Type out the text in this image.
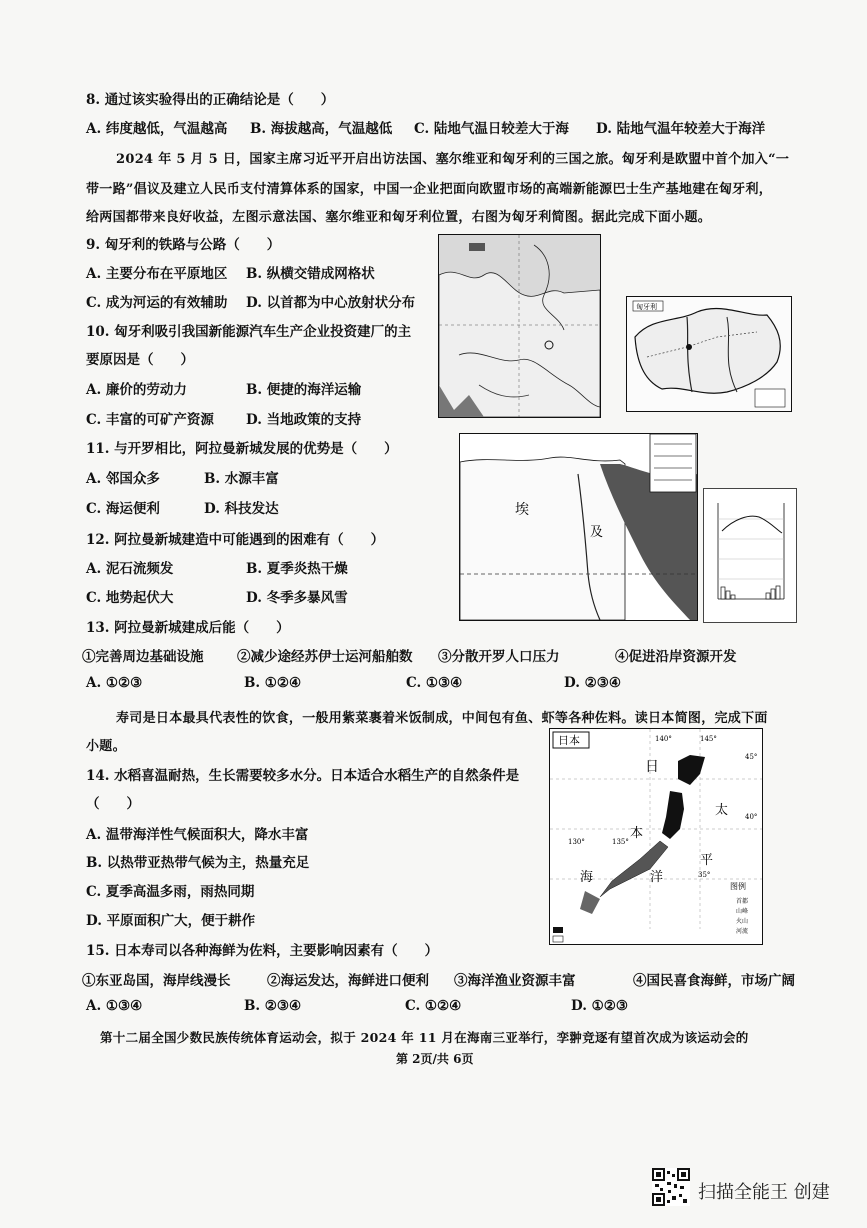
8. 通过该实验得出的正确结论是（　　）
A. 纬度越低，气温越高 B. 海拔越高，气温越低 C. 陆地气温日较差大于海 D. 陆地气温年较差大于海洋
2024 年 5 月 5 日，国家主席习近平开启出访法国、塞尔维亚和匈牙利的三国之旅。匈牙利是欧盟中首个加入“一
带一路”倡议及建立人民币支付清算体系的国家，中国一企业把面向欧盟市场的高端新能源巴士生产基地建在匈牙利，
给两国都带来良好收益，左图示意法国、塞尔维亚和匈牙利位置，右图为匈牙利简图。据此完成下面小题。
9. 匈牙利的铁路与公路（　　）
A. 主要分布在平原地区 B. 纵横交错成网格状
C. 成为河运的有效辅助 D. 以首都为中心放射状分布
10. 匈牙利吸引我国新能源汽车生产企业投资建厂的主
要原因是（　　）
A. 廉价的劳动力	B. 便捷的海洋运输
C. 丰富的可矿产资源 D. 当地政策的支持
11. 与开罗相比，阿拉曼新城发展的优势是（　　）
A. 邻国众多	B. 水源丰富
C. 海运便利	D. 科技发达
12. 阿拉曼新城建造中可能遇到的困难有（　　）
A. 泥石流频发	B. 夏季炎热干燥
C. 地势起伏大	D. 冬季多暴风雪
13. 阿拉曼新城建成后能（　　）
①完善周边基础设施 ②减少途经苏伊士运河船舶数 ③分散开罗人口压力	④促进沿岸资源开发
A. ①②③	B. ①②④	C. ①③④	D. ②③④
寿司是日本最具代表性的饮食，一般用紫菜裹着米饭制成，中间包有鱼、虾等各种佐料。读日本简图，完成下面
小题。
14. 水稻喜温耐热，生长需要较多水分。日本适合水稻生产的自然条件是
（　　）
A. 温带海洋性气候面积大，降水丰富
B. 以热带亚热带气候为主，热量充足
C. 夏季高温多雨，雨热同期
D. 平原面积广大，便于耕作
15. 日本寿司以各种海鲜为佐料，主要影响因素有（　　）
①东亚岛国，海岸线漫长	②海运发达，海鲜进口便利 ③海洋渔业资源丰富	④国民喜食海鲜，市场广阔
A. ①③④	B. ②③④	C. ①②④	D. ①②③
第十二届全国少数民族传统体育运动会，拟于 2024 年 11 月在海南三亚举行，孪翀竞逐有望首次成为该运动会的
第 2页/共 6页
匈牙利
埃
及
日本
日
本
海
太
平
洋
140°	145°
130°	135°
45°
40°
35°
图例
首都
山峰
火山
河流
扫描全能王 创建
